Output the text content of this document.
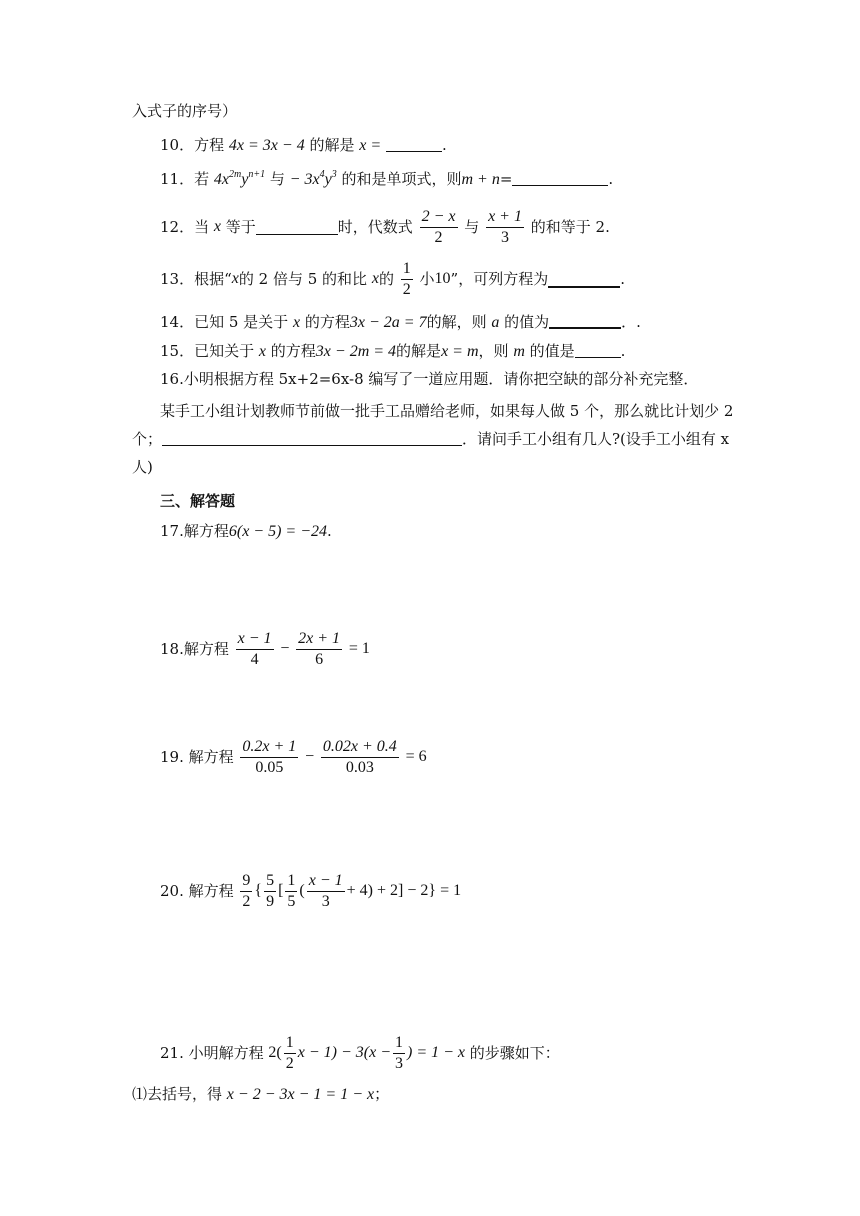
入式子的序号）
10．方程 4x = 3x − 4 的解是 x =	.
11．若 $4x^{2m}y^{n+1}$ 与 − $3x^4y^3$ 的和是单项式，则m + n=	.
12．当 x 等于	时，代数式 $\frac{2 - x}{2}$ 与 $\frac{x + 1}{3}$ 的和等于 2.
13．根据“x的 2 倍与 5 的和比 x的 $\frac{1}{2}$ 小10”，可列方程为	.
14．已知 5 是关于 x 的方程3x − 2a = 7的解，则 a 的值为	．.
15．已知关于 x 的方程3x − 2m = 4的解是x = m，则 m 的值是	.
16.小明根据方程 5x+2=6x-8 编写了一道应用题．请你把空缺的部分补充完整．
某手工小组计划教师节前做一批手工品赠给老师，如果每人做 5 个，那么就比计划少 2
个；	．请问手工小组有几人?(设手工小组有 x
人)
三、解答题
17.解方程6(x − 5) = −24.
18.解方程 $\frac{x - 1}{4} - \frac{2x + 1}{6} = 1$
19. 解方程 $\frac{0.2x + 1}{0.05} - \frac{0.02x + 0.4}{0.03} = 6$
20. 解方程 $\frac{9}{2}$ { $\frac{5}{9}$ [ $\frac{1}{5}$ ( $\frac{x - 1}{3} + 4) + 2] - 2\} = 1$
21. 小明解方程 $2( \frac{1}{2}$ $x - 1) - 3(x - \frac{1}{3}$ ) = 1 − x 的步骤如下：
⑴去括号，得 x − 2 − 3x − 1 = 1 − x；
